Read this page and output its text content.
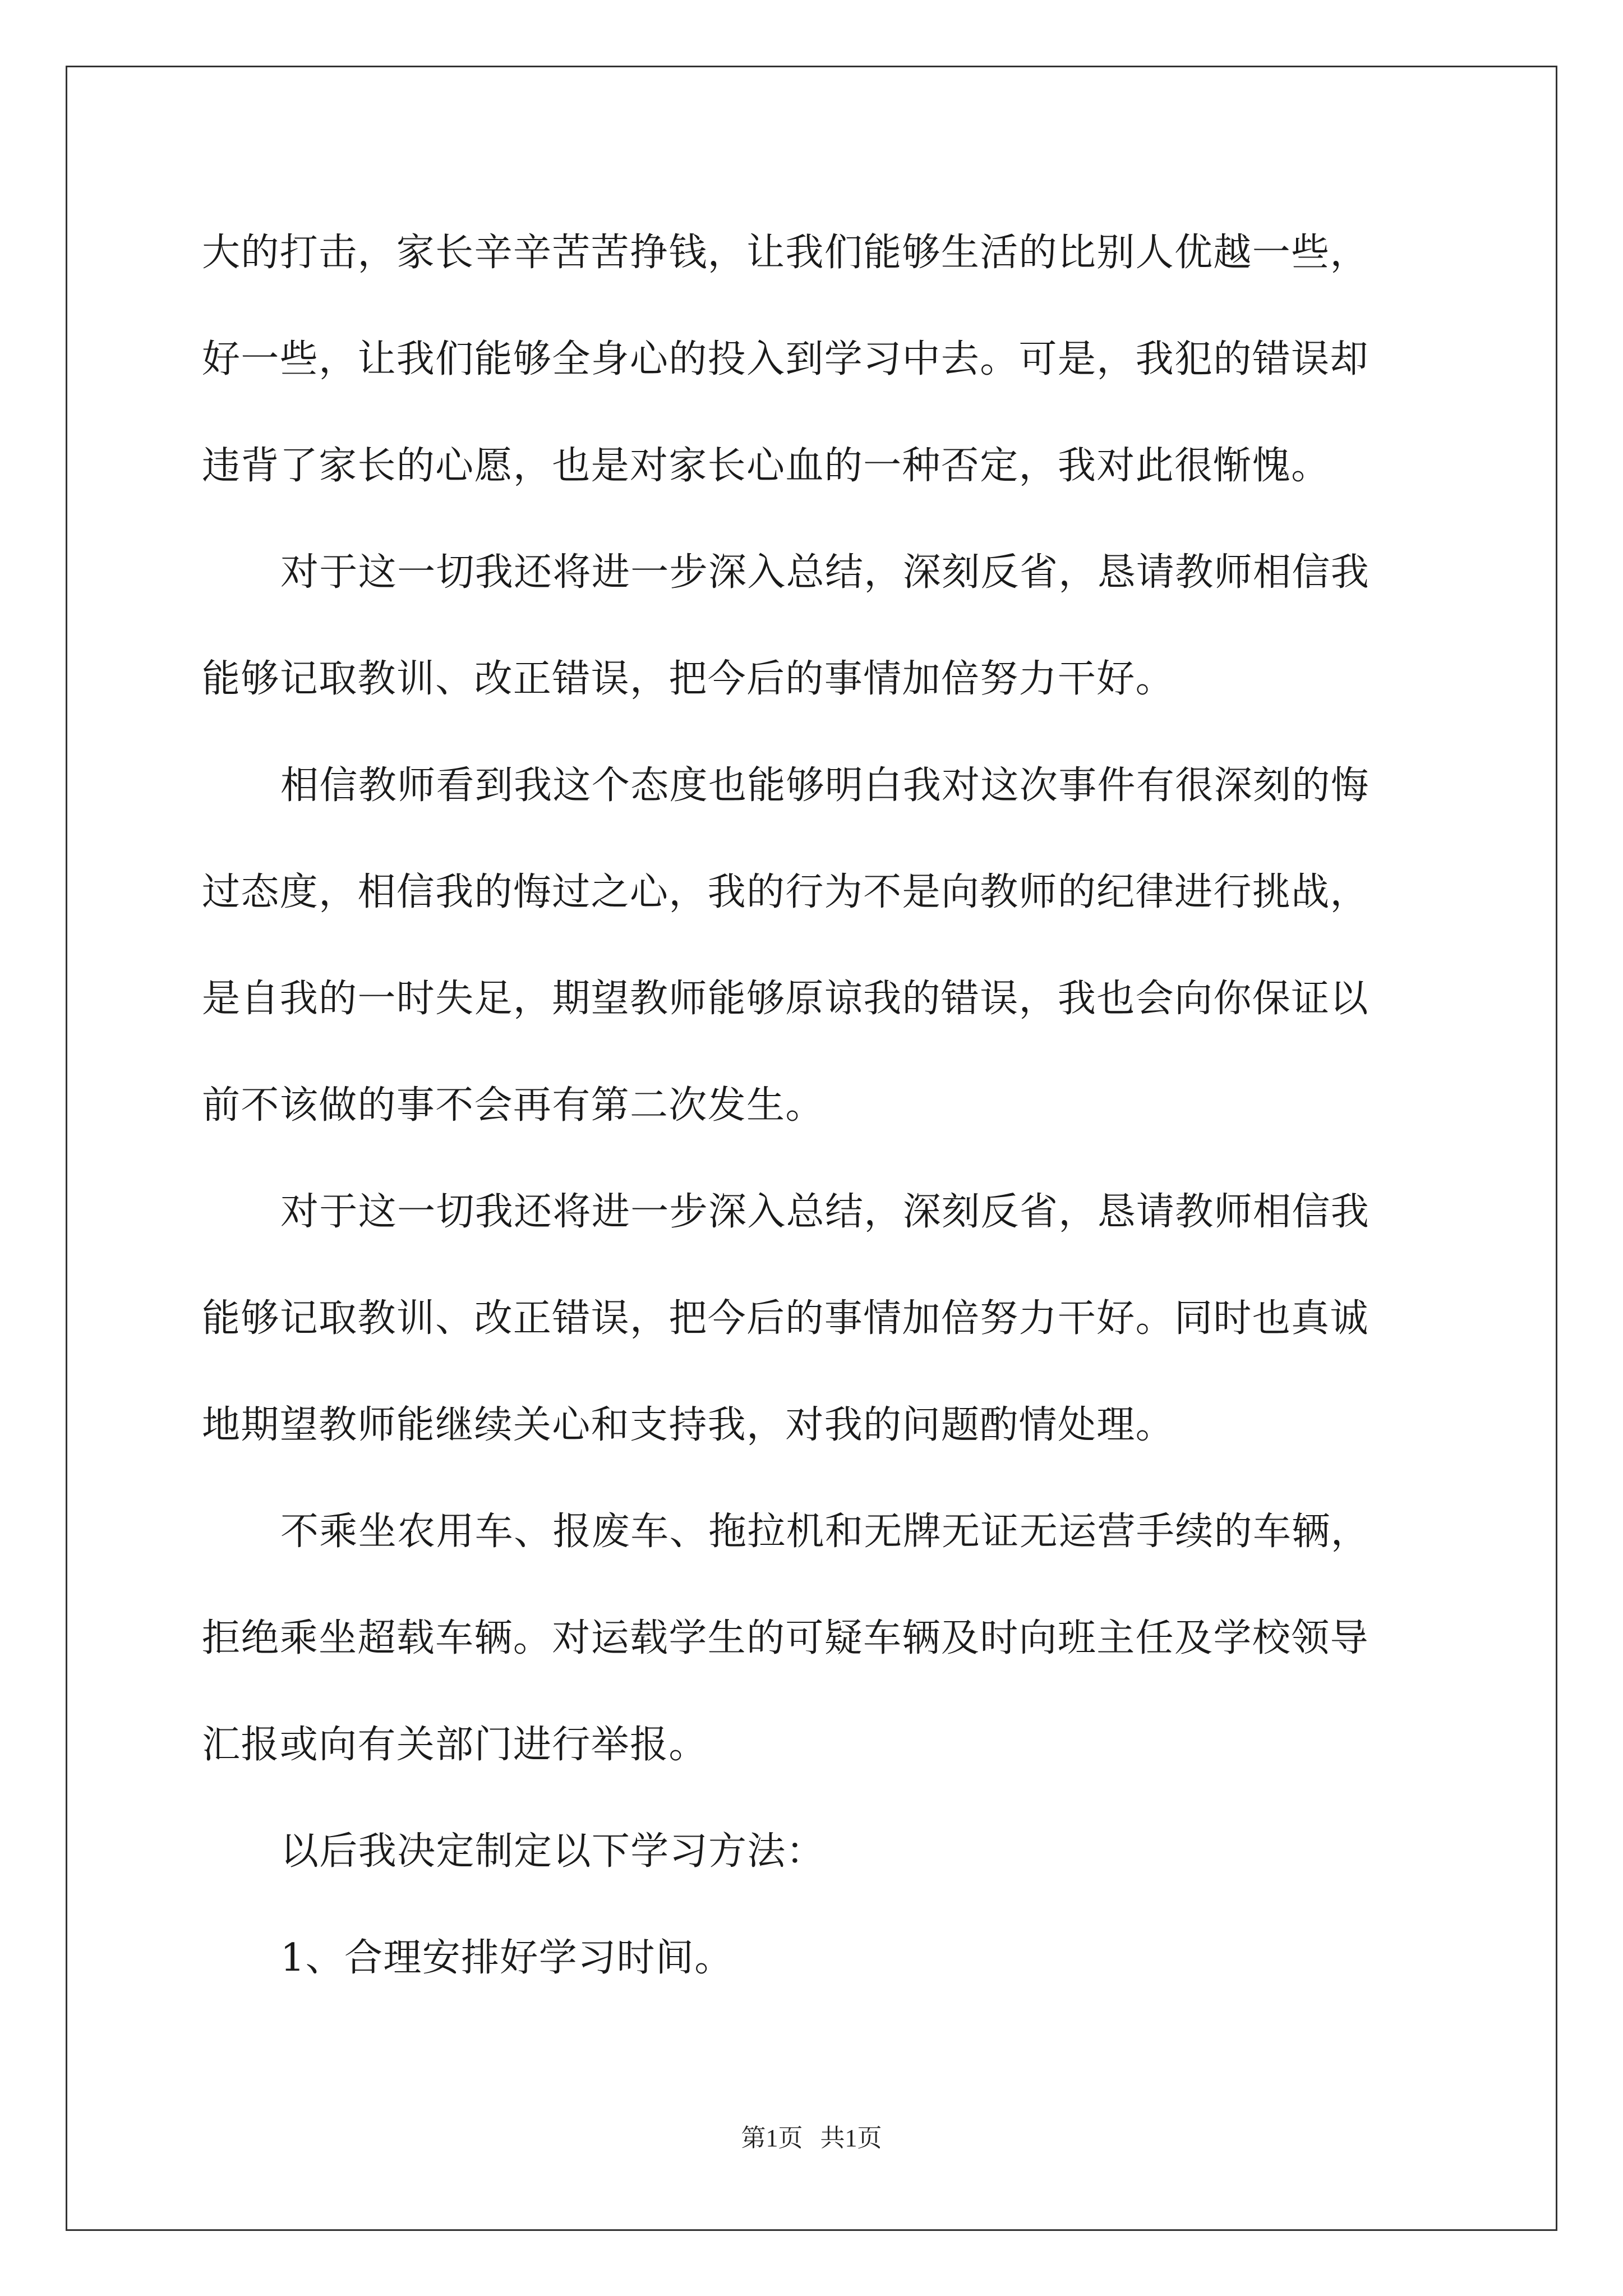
大的打击，家长辛辛苦苦挣钱，让我们能够生活的比别人优越一些，
好一些，让我们能够全身心的投入到学习中去。可是，我犯的错误却
违背了家长的心愿，也是对家长心血的一种否定，我对此很惭愧。
对于这一切我还将进一步深入总结，深刻反省，恳请教师相信我
能够记取教训、改正错误，把今后的事情加倍努力干好。
相信教师看到我这个态度也能够明白我对这次事件有很深刻的悔
过态度，相信我的悔过之心，我的行为不是向教师的纪律进行挑战，
是自我的一时失足，期望教师能够原谅我的错误，我也会向你保证以
前不该做的事不会再有第二次发生。
对于这一切我还将进一步深入总结，深刻反省，恳请教师相信我
能够记取教训、改正错误，把今后的事情加倍努力干好。同时也真诚
地期望教师能继续关心和支持我，对我的问题酌情处理。
不乘坐农用车、报废车、拖拉机和无牌无证无运营手续的车辆，
拒绝乘坐超载车辆。对运载学生的可疑车辆及时向班主任及学校领导
汇报或向有关部门进行举报。
以后我决定制定以下学习方法：
1、合理安排好学习时间。
第1页 共1页
